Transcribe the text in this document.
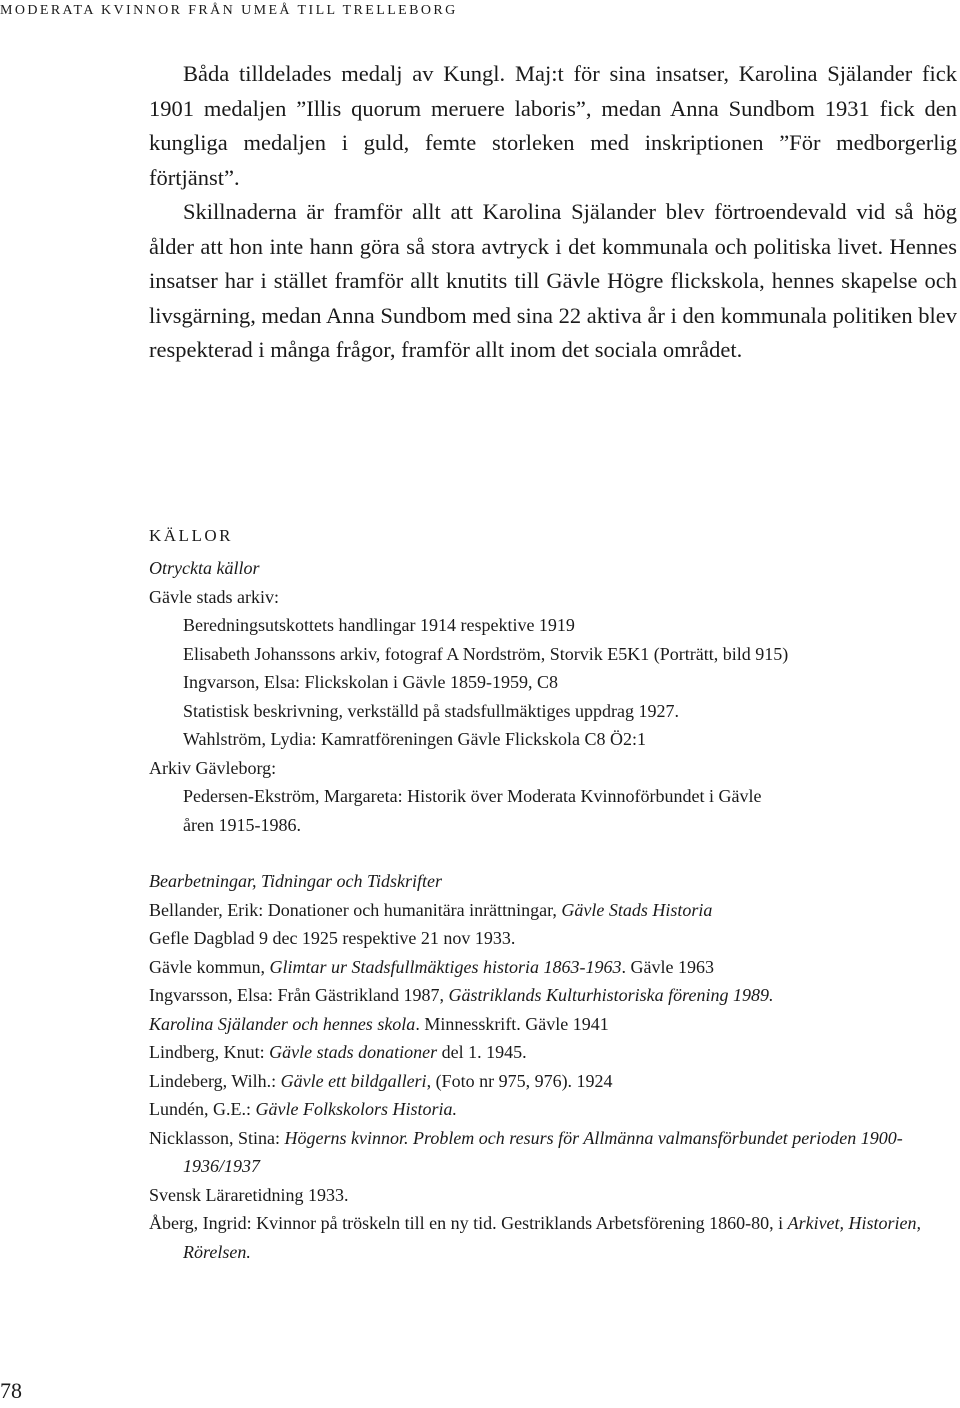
MODERATA KVINNOR FRÅN UMEÅ TILL TRELLEBORG

Båda tilldelades medalj av Kungl. Maj:t för sina insatser, Karolina Själander fick 1901 medaljen ”Illis quorum meruere laboris”, medan Anna Sundbom 1931 fick den kungliga medaljen i guld, femte storleken med inskriptionen ”För medborgerlig förtjänst”.

Skillnaderna är framför allt att Karolina Själander blev förtroendevald vid så hög ålder att hon inte hann göra så stora avtryck i det kommunala och politiska livet. Hennes insatser har i stället framför allt knutits till Gävle Högre flickskola, hennes skapelse och livsgärning, medan Anna Sundbom med sina 22 aktiva år i den kommunala politiken blev respekterad i många frågor, framför allt inom det sociala området.

KÄLLOR
Otryckta källor
Gävle stads arkiv:
Beredningsutskottets handlingar 1914 respektive 1919
Elisabeth Johanssons arkiv, fotograf A Nordström, Storvik E5K1 (Porträtt, bild 915)
Ingvarson, Elsa: Flickskolan i Gävle 1859-1959, C8
Statistisk beskrivning, verkställd på stadsfullmäktiges uppdrag 1927.
Wahlström, Lydia: Kamratföreningen Gävle Flickskola C8 Ö2:1
Arkiv Gävleborg:
Pedersen-Ekström, Margareta: Historik över Moderata Kvinnoförbundet i Gävle åren 1915-1986.
Bearbetningar, Tidningar och Tidskrifter
Bellander, Erik: Donationer och humanitära inrättningar, Gävle Stads Historia
Gefle Dagblad 9 dec 1925 respektive 21 nov 1933.
Gävle kommun, Glimtar ur Stadsfullmäktiges historia 1863-1963. Gävle 1963
Ingvarsson, Elsa: Från Gästrikland 1987, Gästriklands Kulturhistoriska förening 1989.
Karolina Själander och hennes skola. Minnesskrift. Gävle 1941
Lindberg, Knut: Gävle stads donationer del 1. 1945.
Lindeberg, Wilh.: Gävle ett bildgalleri, (Foto nr 975, 976). 1924
Lundén, G.E.: Gävle Folkskolors Historia.
Nicklasson, Stina: Högerns kvinnor. Problem och resurs för Allmänna valmansförbundet perioden 1900-1936/1937
Svensk Läraretidning 1933.
Åberg, Ingrid: Kvinnor på tröskeln till en ny tid. Gestriklands Arbetsförening 1860-80, i Arkivet, Historien, Rörelsen.
78
